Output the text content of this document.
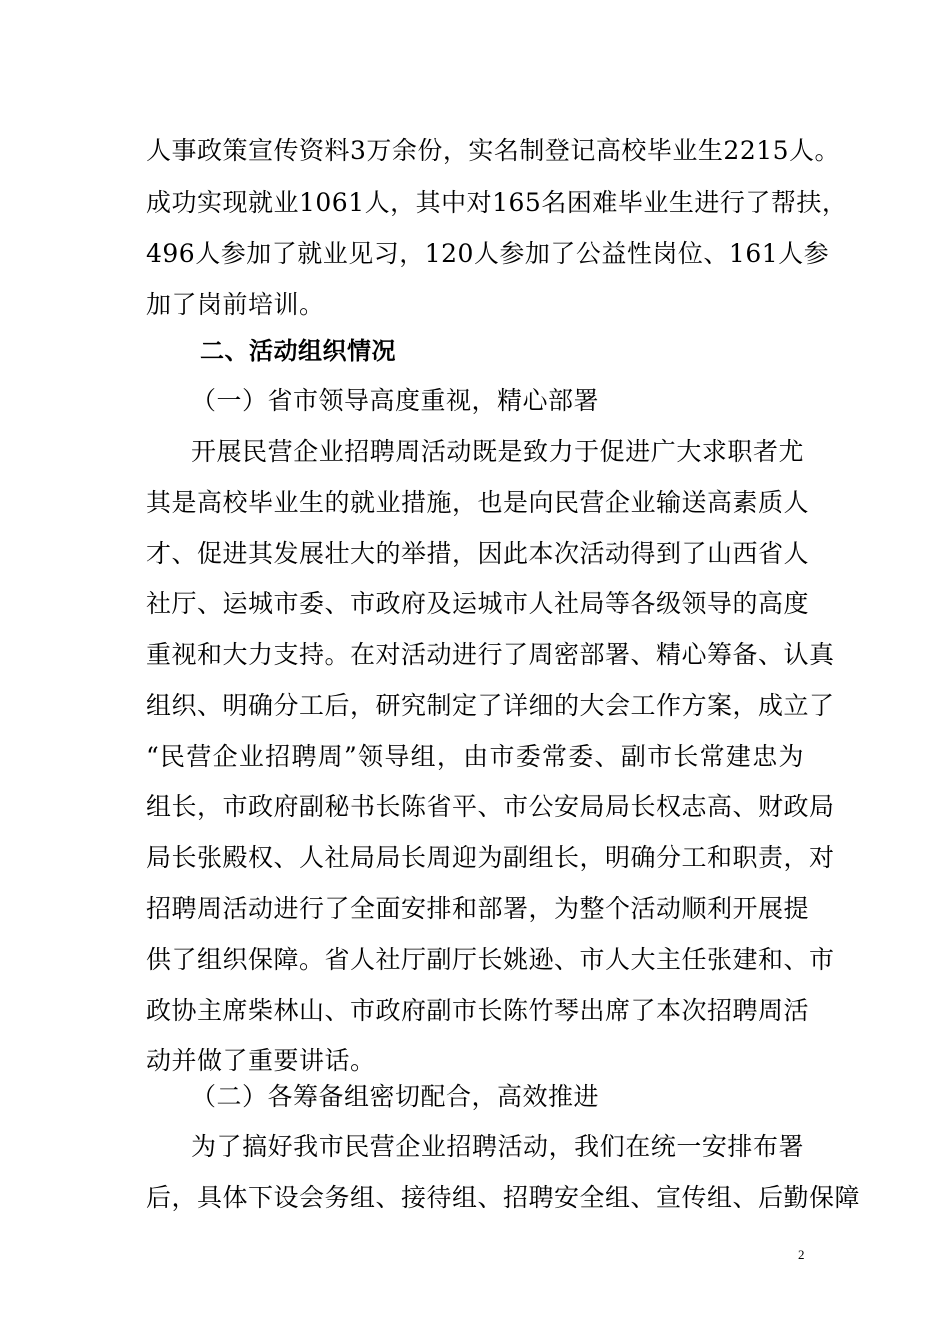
人事政策宣传资料3万余份，实名制登记高校毕业生2215人。
成功实现就业1061人，其中对165名困难毕业生进行了帮扶，
496人参加了就业见习，120人参加了公益性岗位、161人参
加了岗前培训。
二、活动组织情况
（一）省市领导高度重视，精心部署
开展民营企业招聘周活动既是致力于促进广大求职者尤
其是高校毕业生的就业措施，也是向民营企业输送高素质人
才、促进其发展壮大的举措，因此本次活动得到了山西省人
社厅、运城市委、市政府及运城市人社局等各级领导的高度
重视和大力支持。在对活动进行了周密部署、精心筹备、认真
组织、明确分工后，研究制定了详细的大会工作方案，成立了
“民营企业招聘周”领导组，由市委常委、副市长常建忠为
组长，市政府副秘书长陈省平、市公安局局长权志高、财政局
局长张殿权、人社局局长周迎为副组长，明确分工和职责，对
招聘周活动进行了全面安排和部署，为整个活动顺利开展提
供了组织保障。省人社厅副厅长姚逊、市人大主任张建和、市
政协主席柴林山、市政府副市长陈竹琴出席了本次招聘周活
动并做了重要讲话。
（二）各筹备组密切配合，高效推进
为了搞好我市民营企业招聘活动，我们在统一安排布署
后，具体下设会务组、接待组、招聘安全组、宣传组、后勤保障
2
